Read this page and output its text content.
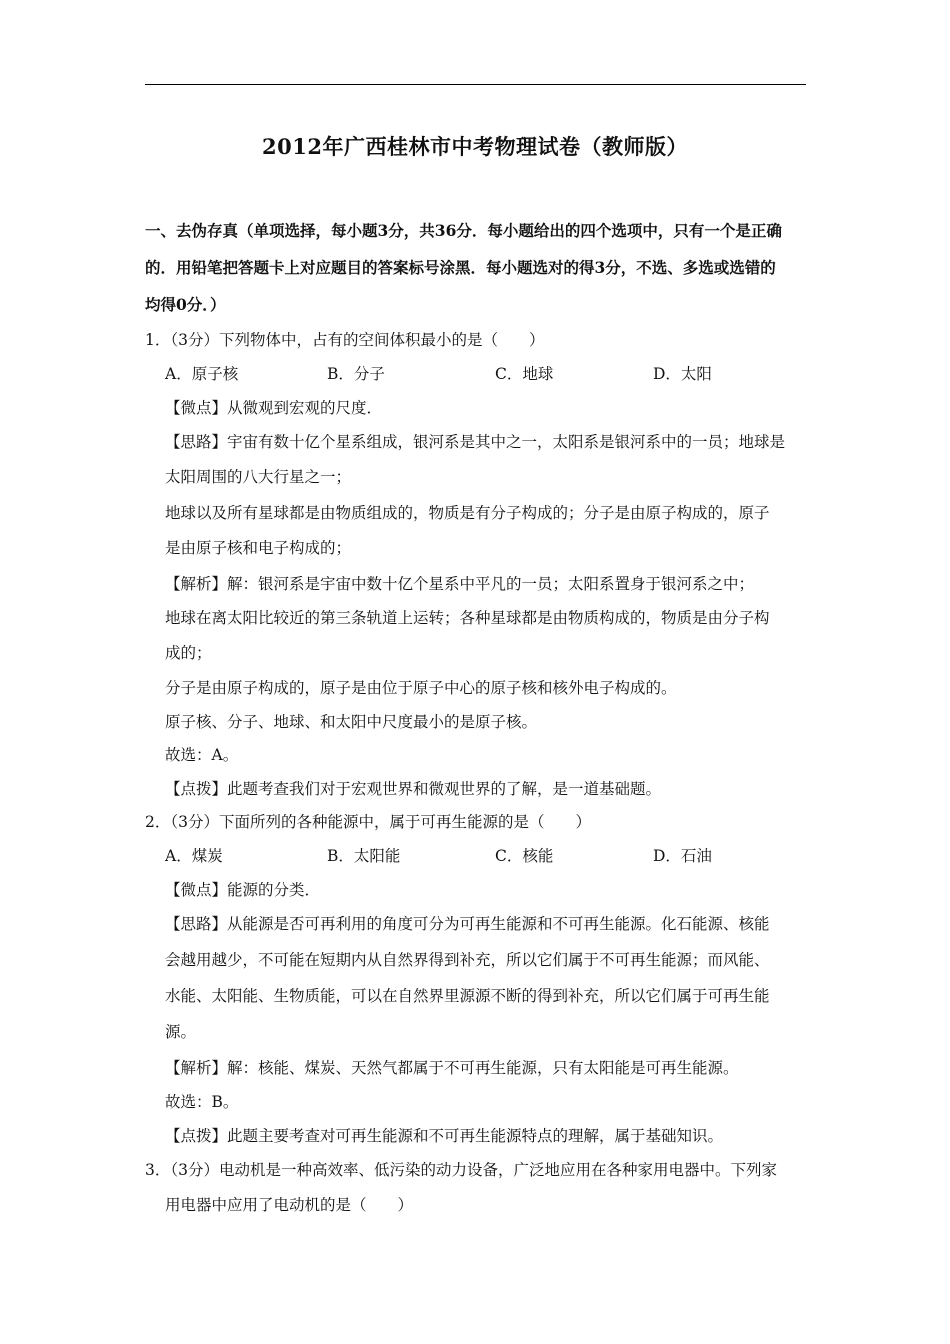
2012年广西桂林市中考物理试卷（教师版）
一、去伪存真（单项选择，每小题3分，共36分．每小题给出的四个选项中，只有一个是正确
的．用铅笔把答题卡上对应题目的答案标号涂黑．每小题选对的得3分，不选、多选或选错的
均得0分．）
1．（3分）下列物体中，占有的空间体积最小的是（　　）
A．原子核	B．分子	C．地球	D．太阳
【微点】从微观到宏观的尺度．
【思路】宇宙有数十亿个星系组成，银河系是其中之一，太阳系是银河系中的一员；地球是
太阳周围的八大行星之一；
地球以及所有星球都是由物质组成的，物质是有分子构成的；分子是由原子构成的，原子
是由原子核和电子构成的；
【解析】解：银河系是宇宙中数十亿个星系中平凡的一员；太阳系置身于银河系之中；
地球在离太阳比较近的第三条轨道上运转；各种星球都是由物质构成的，物质是由分子构
成的；
分子是由原子构成的，原子是由位于原子中心的原子核和核外电子构成的。
原子核、分子、地球、和太阳中尺度最小的是原子核。
故选：A。
【点拨】此题考查我们对于宏观世界和微观世界的了解，是一道基础题。
2．（3分）下面所列的各种能源中，属于可再生能源的是（　　）
A．煤炭	B．太阳能	C．核能	D．石油
【微点】能源的分类．
【思路】从能源是否可再利用的角度可分为可再生能源和不可再生能源。化石能源、核能
会越用越少，不可能在短期内从自然界得到补充，所以它们属于不可再生能源；而风能、
水能、太阳能、生物质能，可以在自然界里源源不断的得到补充，所以它们属于可再生能
源。
【解析】解：核能、煤炭、天然气都属于不可再生能源，只有太阳能是可再生能源。
故选：B。
【点拨】此题主要考查对可再生能源和不可再生能源特点的理解，属于基础知识。
3．（3分）电动机是一种高效率、低污染的动力设备，广泛地应用在各种家用电器中。下列家
用电器中应用了电动机的是（　　）
